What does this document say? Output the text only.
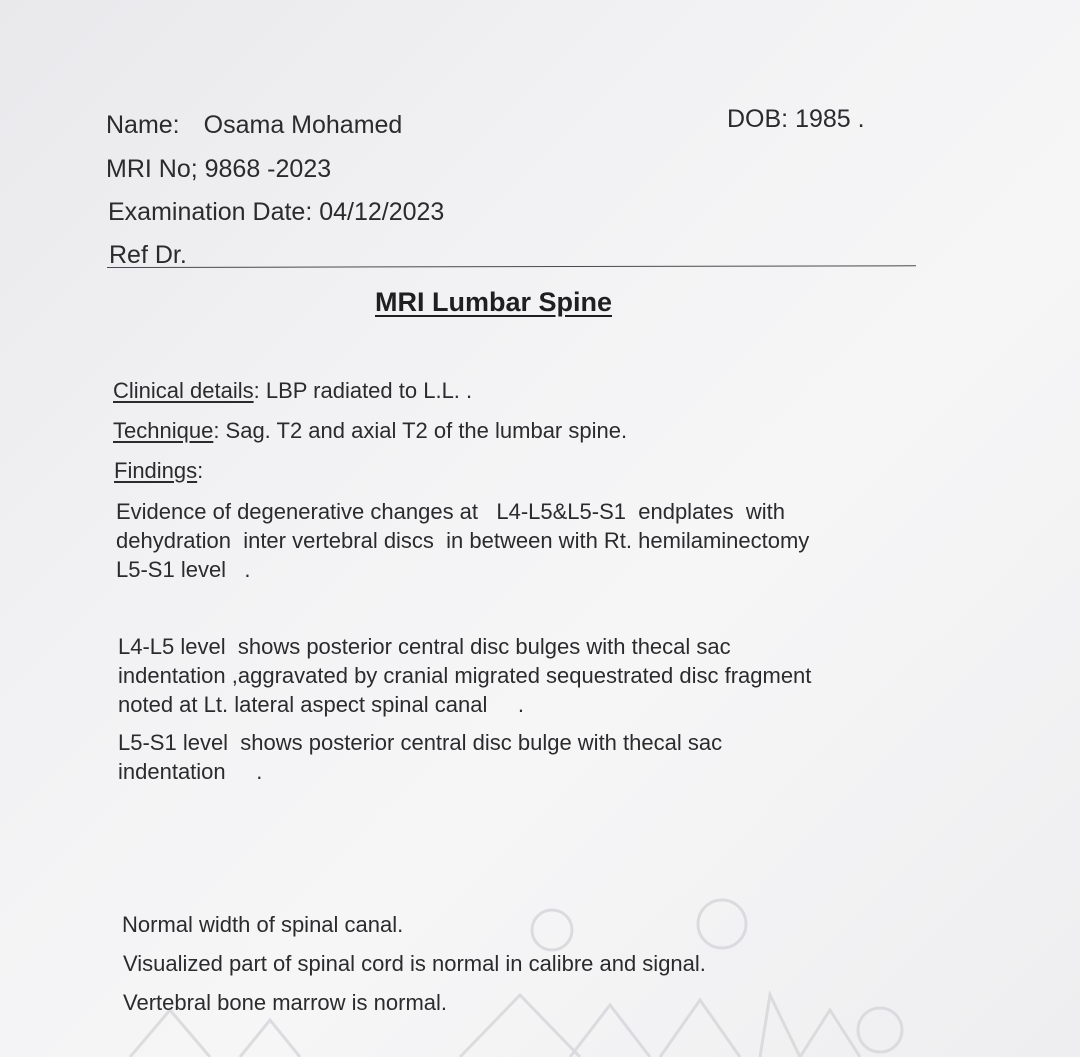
Name: Osama Mohamed	DOB: 1985 .
MRI No; 9868 -2023
Examination Date: 04/12/2023
Ref Dr.
MRI Lumbar Spine
Clinical details: LBP radiated to L.L. .
Technique: Sag. T2 and axial T2 of the lumbar spine.
Findings:
Evidence of degenerative changes at   L4-L5&L5-S1  endplates  with
dehydration  inter vertebral discs  in between with Rt. hemilaminectomy
L5-S1 level   .
L4-L5 level  shows posterior central disc bulges with thecal sac
indentation ,aggravated by cranial migrated sequestrated disc fragment
noted at Lt. lateral aspect spinal canal     .
L5-S1 level  shows posterior central disc bulge with thecal sac
indentation     .
Normal width of spinal canal.
Visualized part of spinal cord is normal in calibre and signal.
Vertebral bone marrow is normal.
